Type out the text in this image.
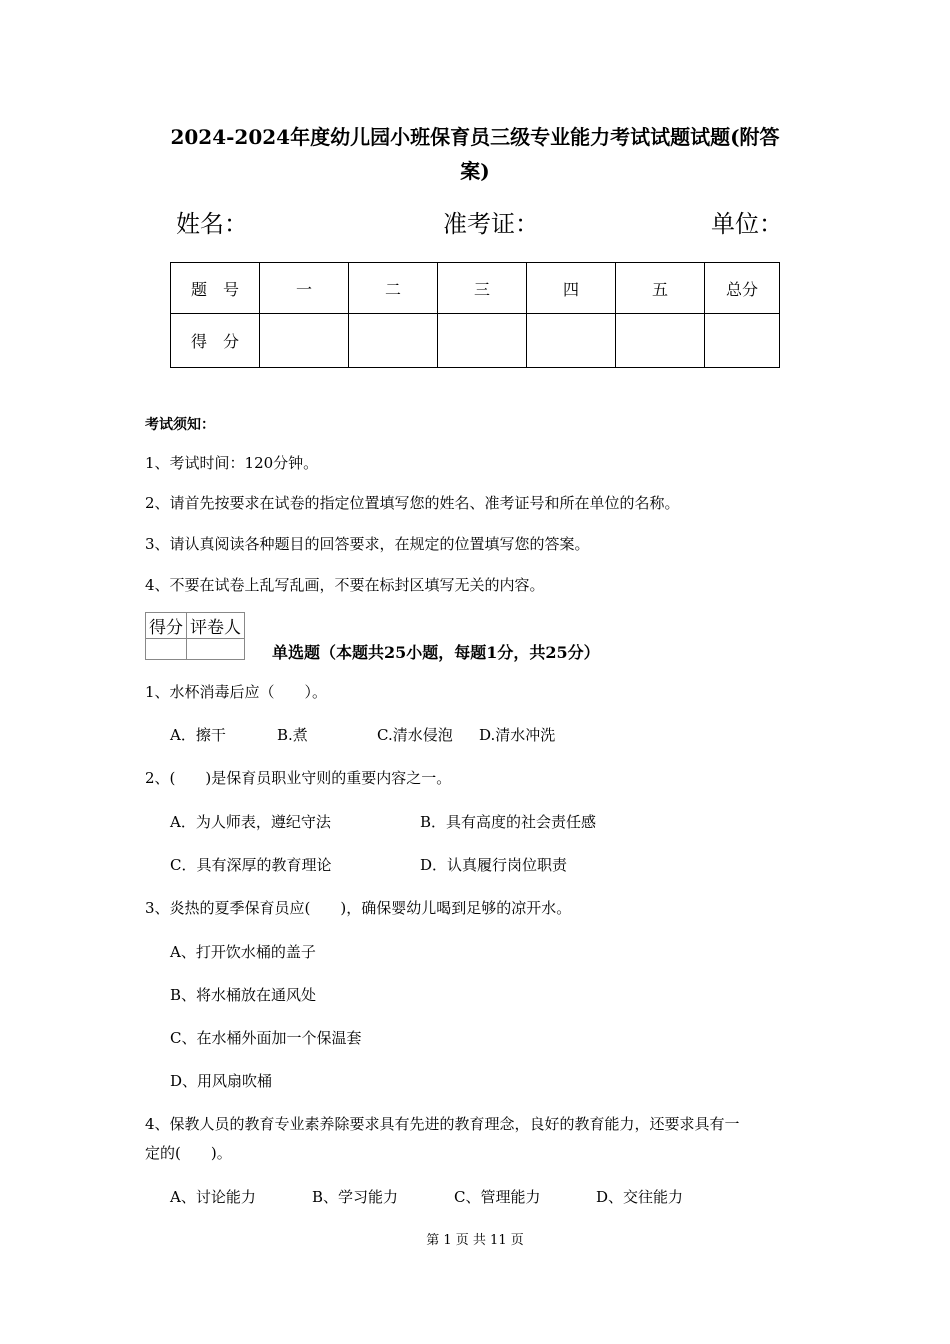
2024-2024年度幼儿园小班保育员三级专业能力考试试题试题(附答
案)
姓名：	准考证：	单位：
题　号	一	二	三	四	五	总分
得　分						
考试须知：
1、考试时间：120分钟。
2、请首先按要求在试卷的指定位置填写您的姓名、准考证号和所在单位的名称。
3、请认真阅读各种题目的回答要求，在规定的位置填写您的答案。
4、不要在试卷上乱写乱画，不要在标封区填写无关的内容。
得分	评卷人

单选题（本题共25小题，每题1分，共25分）
1、水杯消毒后应（　　）。
A．擦干	B.煮	C.清水侵泡 D.清水冲洗
2、(　　)是保育员职业守则的重要内容之一。
A．为人师表，遵纪守法	B．具有高度的社会责任感
C．具有深厚的教育理论	D．认真履行岗位职责
3、炎热的夏季保育员应(　　)，确保婴幼儿喝到足够的凉开水。
A、打开饮水桶的盖子
B、将水桶放在通风处
C、在水桶外面加一个保温套
D、用风扇吹桶
4、保教人员的教育专业素养除要求具有先进的教育理念，良好的教育能力，还要求具有一
定的(　　)。
A、讨论能力	B、学习能力	C、管理能力	D、交往能力
第 1 页 共 11 页
